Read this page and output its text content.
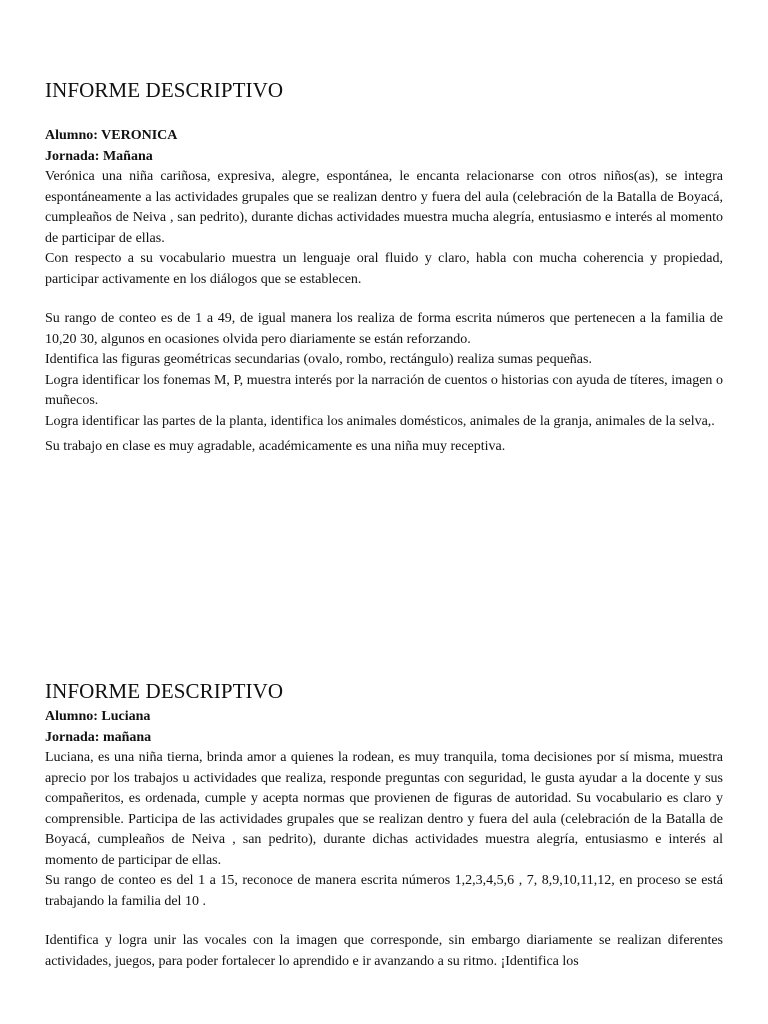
INFORME DESCRIPTIVO

Alumno: VERONICA

Jornada: Mañana

Verónica una niña cariñosa, expresiva, alegre, espontánea, le encanta relacionarse con otros niños(as), se integra espontáneamente a las actividades grupales que se realizan dentro y fuera del aula (celebración de la Batalla de Boyacá, cumpleaños de Neiva , san pedrito), durante dichas actividades muestra mucha alegría, entusiasmo e interés al momento de participar de ellas.

Con respecto a su vocabulario muestra un lenguaje oral fluido y claro, habla con mucha coherencia y propiedad, participar activamente en los diálogos que se establecen.

Su rango de conteo es de 1 a 49, de igual manera los realiza de forma escrita números que pertenecen a la familia de 10,20 30, algunos en ocasiones olvida pero diariamente se están reforzando.

Identifica las figuras geométricas secundarias (ovalo, rombo, rectángulo) realiza sumas pequeñas.

Logra identificar los fonemas M, P, muestra interés por la narración de cuentos o historias con ayuda de títeres, imagen o muñecos.

Logra identificar las partes de la planta, identifica los animales domésticos, animales de la granja, animales de la selva,.

Su trabajo en clase es muy agradable, académicamente es una niña muy receptiva.

INFORME DESCRIPTIVO

Alumno: Luciana

Jornada: mañana

Luciana, es una niña tierna, brinda amor a quienes la rodean, es muy tranquila, toma decisiones por sí misma, muestra aprecio por los trabajos u actividades que realiza, responde preguntas con seguridad, le gusta ayudar a la docente y sus compañeritos, es ordenada, cumple y acepta normas que provienen de figuras de autoridad. Su vocabulario es claro y comprensible. Participa de las actividades grupales que se realizan dentro y fuera del aula (celebración de la Batalla de Boyacá, cumpleaños de Neiva , san pedrito), durante dichas actividades muestra alegría, entusiasmo e interés al momento de participar de ellas.

Su rango de conteo es del 1 a 15, reconoce de manera escrita números 1,2,3,4,5,6 , 7, 8,9,10,11,12, en proceso se está trabajando la familia del 10 .

Identifica y logra unir las vocales con la imagen que corresponde, sin embargo diariamente se realizan diferentes actividades, juegos, para poder fortalecer lo aprendido e ir avanzando a su ritmo. ¡Identifica los
